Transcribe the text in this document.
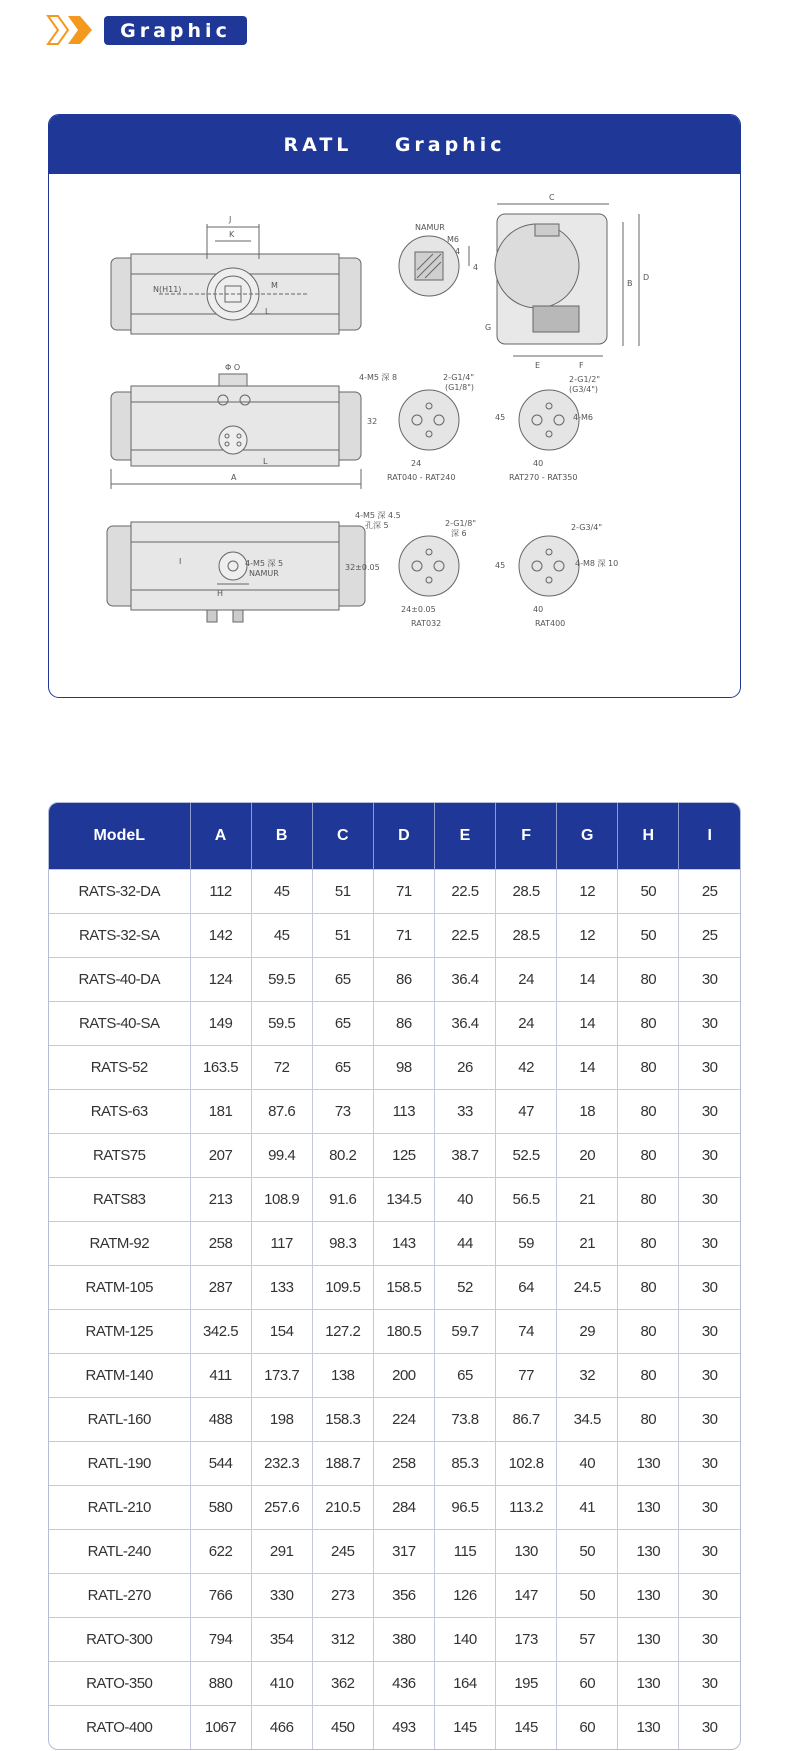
Graphic
RATL    Graphic
J
K
N(H11)	M
L
Φ O
A
L
NAMUR
M6
4
4
C
B
D
G
E	F
4-M5 深 8	2-G1/4"
(G1/8")
32
24
RAT040 - RAT240
2-G1/2"
(G3/4")
4-M6
45
40
RAT270 - RAT350
I	4-M5 深 5
NAMUR
H
4-M5 深 4.5
孔深 5	2-G1/8"
深 6
32±0.05
24±0.05
RAT032
2-G3/4"
4-M8 深 10
45
40
RAT400
ModeL	A	B	C	D	E	F	G	H	I
RATS-32-DA	112	45	51	71	22.5	28.5	12	50	25
RATS-32-SA	142	45	51	71	22.5	28.5	12	50	25
RATS-40-DA	124	59.5	65	86	36.4	24	14	80	30
RATS-40-SA	149	59.5	65	86	36.4	24	14	80	30
RATS-52	163.5	72	65	98	26	42	14	80	30
RATS-63	181	87.6	73	113	33	47	18	80	30
RATS75	207	99.4	80.2	125	38.7	52.5	20	80	30
RATS83	213	108.9	91.6	134.5	40	56.5	21	80	30
RATM-92	258	117	98.3	143	44	59	21	80	30
RATM-105	287	133	109.5	158.5	52	64	24.5	80	30
RATM-125	342.5	154	127.2	180.5	59.7	74	29	80	30
RATM-140	411	173.7	138	200	65	77	32	80	30
RATL-160	488	198	158.3	224	73.8	86.7	34.5	80	30
RATL-190	544	232.3	188.7	258	85.3	102.8	40	130	30
RATL-210	580	257.6	210.5	284	96.5	113.2	41	130	30
RATL-240	622	291	245	317	115	130	50	130	30
RATL-270	766	330	273	356	126	147	50	130	30
RATO-300	794	354	312	380	140	173	57	130	30
RATO-350	880	410	362	436	164	195	60	130	30
RATO-400	1067	466	450	493	145	145	60	130	30
